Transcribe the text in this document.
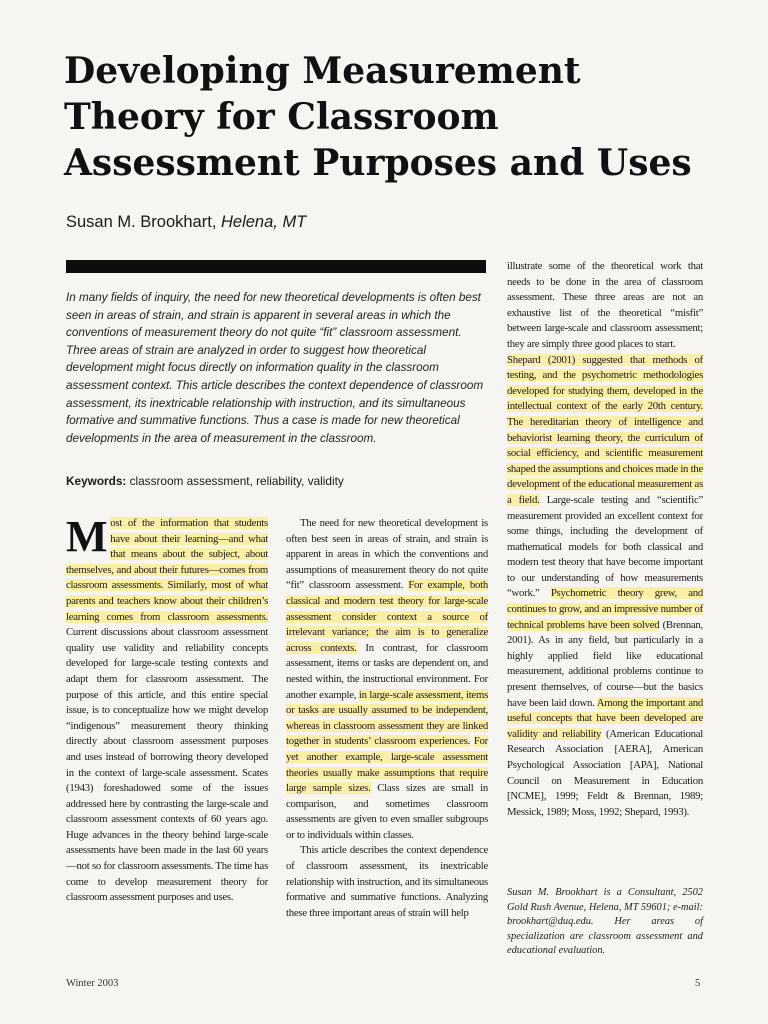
Developing Measurement Theory for Classroom Assessment Purposes and Uses
Susan M. Brookhart, Helena, MT

In many fields of inquiry, the need for new theoretical developments is often best seen in areas of strain, and strain is apparent in several areas in which the conventions of measurement theory do not quite “fit” classroom assessment. Three areas of strain are analyzed in order to suggest how theoretical development might focus directly on information quality in the classroom assessment context. This article describes the context dependence of classroom assessment, its inextricable relationship with instruction, and its simultaneous formative and summative functions. Thus a case is made for new theoretical developments in the area of measurement in the classroom.

Keywords: classroom assessment, reliability, validity

Most of the information that students have about their learning—and what that means about the subject, about themselves, and about their futures—comes from classroom assessments. Similarly, most of what parents and teachers know about their children’s learning comes from classroom assessments. Current discussions about classroom assessment quality use validity and reliability concepts developed for large-scale testing contexts and adapt them for classroom assessment. The purpose of this article, and this entire special issue, is to conceptualize how we might develop “indigenous” measurement theory thinking directly about classroom assessment purposes and uses instead of borrowing theory developed in the context of large-scale assessment. Scates (1943) foreshadowed some of the issues addressed here by contrasting the large-scale and classroom assessment contexts of 60 years ago. Huge advances in the theory behind large-scale assessments have been made in the last 60 years—not so for classroom assessments. The time has come to develop measurement theory for classroom assessment purposes and uses.

The need for new theoretical development is often best seen in areas of strain, and strain is apparent in areas in which the conventions and assumptions of measurement theory do not quite “fit” classroom assessment. For example, both classical and modern test theory for large-scale assessment consider context a source of irrelevant variance; the aim is to generalize across contexts. In contrast, for classroom assessment, items or tasks are dependent on, and nested within, the instructional environment. For another example, in large-scale assessment, items or tasks are usually assumed to be independent, whereas in classroom assessment they are linked together in students’ classroom experiences. For yet another example, large-scale assessment theories usually make assumptions that require large sample sizes. Class sizes are small in comparison, and sometimes classroom assessments are given to even smaller subgroups or to individuals within classes.

This article describes the context dependence of classroom assessment, its inextricable relationship with instruction, and its simultaneous formative and summative functions. Analyzing these three important areas of strain will help

illustrate some of the theoretical work that needs to be done in the area of classroom assessment. These three areas are not an exhaustive list of the theoretical “misfit” between large-scale and classroom assessment; they are simply three good places to start.

Shepard (2001) suggested that methods of testing, and the psychometric methodologies developed for studying them, developed in the intellectual context of the early 20th century. The hereditarian theory of intelligence and behaviorist learning theory, the curriculum of social efficiency, and scientific measurement shaped the assumptions and choices made in the development of the educational measurement as a field. Large-scale testing and “scientific” measurement provided an excellent context for some things, including the development of mathematical models for both classical and modern test theory that have become important to our understanding of how measurements “work.” Psychometric theory grew, and continues to grow, and an impressive number of technical problems have been solved (Brennan, 2001). As in any field, but particularly in a highly applied field like educational measurement, additional problems continue to present themselves, of course—but the basics have been laid down. Among the important and useful concepts that have been developed are validity and reliability (American Educational Research Association [AERA], American Psychological Association [APA], National Council on Measurement in Education [NCME], 1999; Feldt & Brennan, 1989; Messick, 1989; Moss, 1992; Shepard, 1993).

Susan M. Brookhart is a Consultant, 2502 Gold Rush Avenue, Helena, MT 59601; e-mail: brookhart@duq.edu. Her areas of specialization are classroom assessment and educational evaluation.

Winter 2003	5
